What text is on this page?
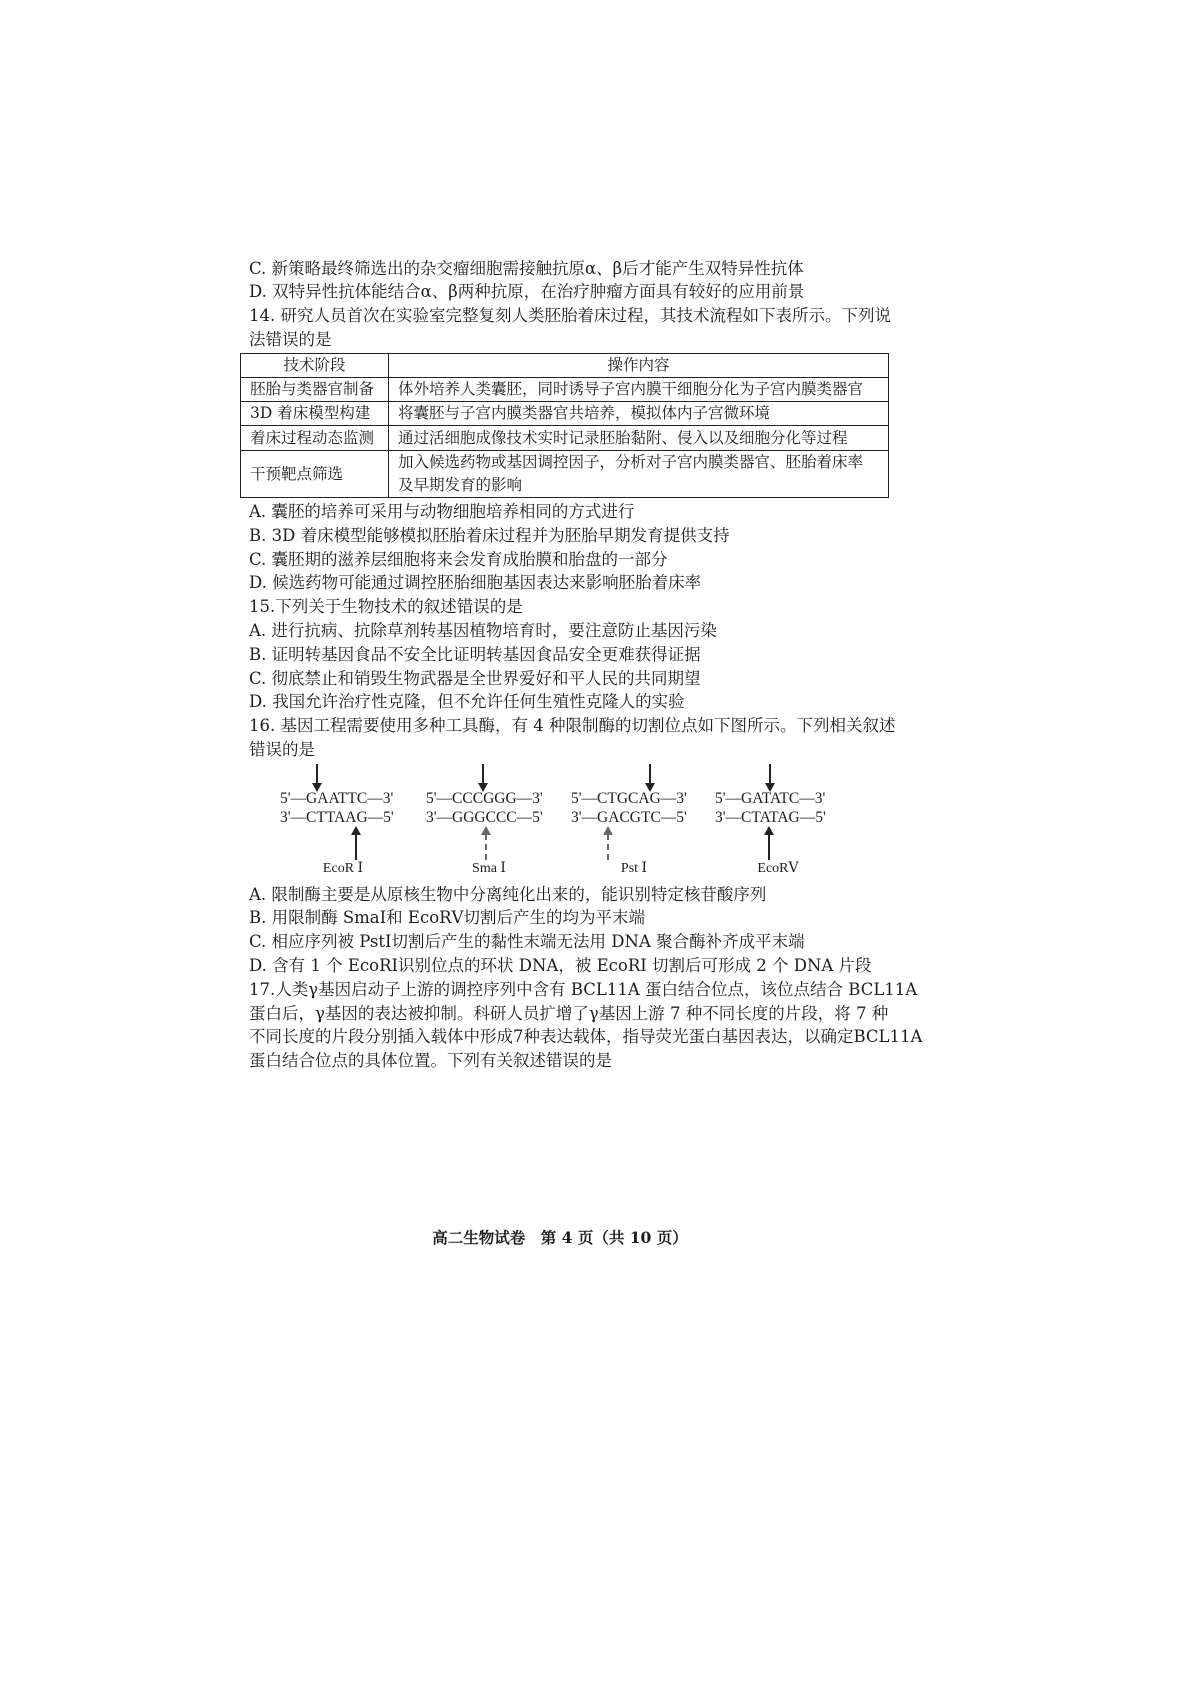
C. 新策略最终筛选出的杂交瘤细胞需接触抗原α、β后才能产生双特异性抗体
D. 双特异性抗体能结合α、β两种抗原，在治疗肿瘤方面具有较好的应用前景
14. 研究人员首次在实验室完整复刻人类胚胎着床过程，其技术流程如下表所示。下列说
法错误的是
技术阶段	操作内容
胚胎与类器官制备	体外培养人类囊胚，同时诱导子宫内膜干细胞分化为子宫内膜类器官

3D 着床模型构建	将囊胚与子宫内膜类器官共培养，模拟体内子宫微环境

着床过程动态监测	通过活细胞成像技术实时记录胚胎黏附、侵入以及细胞分化等过程

干预靶点筛选	加入候选药物或基因调控因子，分析对子宫内膜类器官、胚胎着床率及早期发育的影响
A. 囊胚的培养可采用与动物细胞培养相同的方式进行
B. 3D 着床模型能够模拟胚胎着床过程并为胚胎早期发育提供支持
C. 囊胚期的滋养层细胞将来会发育成胎膜和胎盘的一部分
D. 候选药物可能通过调控胚胎细胞基因表达来影响胚胎着床率
15.下列关于生物技术的叙述错误的是
A. 进行抗病、抗除草剂转基因植物培育时，要注意防止基因污染
B. 证明转基因食品不安全比证明转基因食品安全更难获得证据
C. 彻底禁止和销毁生物武器是全世界爱好和平人民的共同期望
D. 我国允许治疗性克隆，但不允许任何生殖性克隆人的实验
16. 基因工程需要使用多种工具酶，有 4 种限制酶的切割位点如下图所示。下列相关叙述
错误的是
5'—GAATTC—3'
3'—CTTAAG—5'
EcoR Ⅰ
5'—CCCGGG—3'
3'—GGGCCC—5'
Sma Ⅰ
5'—CTGCAG—3'
3'—GACGTC—5'
Pst Ⅰ
5'—GATATC—3'
3'—CTATAG—5'
EcoRⅤ
A. 限制酶主要是从原核生物中分离纯化出来的，能识别特定核苷酸序列
B. 用限制酶 SmaⅠ和 EcoRⅤ切割后产生的均为平末端
C. 相应序列被 PstⅠ切割后产生的黏性末端无法用 DNA 聚合酶补齐成平末端
D. 含有 1 个 EcoRⅠ识别位点的环状 DNA，被 EcoRI 切割后可形成 2 个 DNA 片段
17.人类γ基因启动子上游的调控序列中含有 BCL11A 蛋白结合位点，该位点结合 BCL11A
蛋白后，γ基因的表达被抑制。科研人员扩增了γ基因上游 7 种不同长度的片段，将 7 种
不同长度的片段分别插入载体中形成7种表达载体，指导荧光蛋白基因表达，以确定BCL11A
蛋白结合位点的具体位置。下列有关叙述错误的是
高二生物试卷 第 4 页（共 10 页）
